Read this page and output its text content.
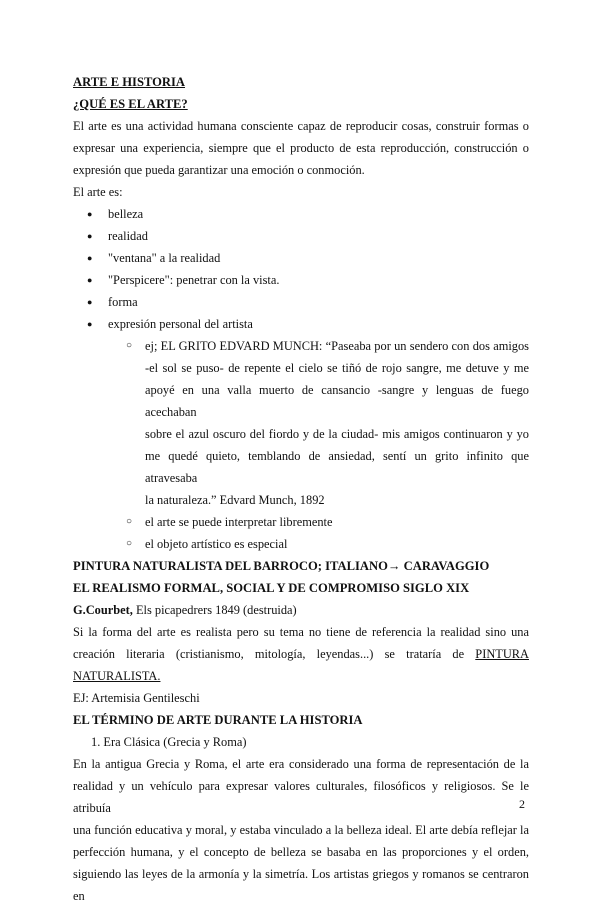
ARTE E HISTORIA
¿QUÉ ES EL ARTE?
El arte es una actividad humana consciente capaz de reproducir cosas, construir formas o
expresar una experiencia, siempre que el producto de esta reproducción, construcción o
expresión que pueda garantizar una emoción o conmoción.
El arte es:
● belleza
● realidad
● "ventana" a la realidad
● "Perspicere": penetrar con la vista.
● forma
● expresión personal del artista
○ ej; EL GRITO EDVARD MUNCH: “Paseaba por un sendero con dos amigos
-el sol se puso- de repente el cielo se tiñó de rojo sangre, me detuve y me
apoyé en una valla muerto de cansancio -sangre y lenguas de fuego acechaban
sobre el azul oscuro del fiordo y de la ciudad- mis amigos continuaron y yo
me quedé quieto, temblando de ansiedad, sentí un grito infinito que atravesaba
la naturaleza.” Edvard Munch, 1892
○ el arte se puede interpretar libremente
○ el objeto artístico es especial
PINTURA NATURALISTA DEL BARROCO; ITALIANO→ CARAVAGGIO
EL REALISMO FORMAL, SOCIAL Y DE COMPROMISO SIGLO XIX
G.Courbet, Els picapedrers 1849 (destruida)
Si la forma del arte es realista pero su tema no tiene de referencia la realidad sino una
creación literaria (cristianismo, mitología, leyendas...) se trataría de PINTURA
NATURALISTA.
EJ: Artemisia Gentileschi
EL TÉRMINO DE ARTE DURANTE LA HISTORIA
1. Era Clásica (Grecia y Roma)
En la antigua Grecia y Roma, el arte era considerado una forma de representación de la
realidad y un vehículo para expresar valores culturales, filosóficos y religiosos. Se le atribuía
una función educativa y moral, y estaba vinculado a la belleza ideal. El arte debía reflejar la
perfección humana, y el concepto de belleza se basaba en las proporciones y el orden,
siguiendo las leyes de la armonía y la simetría. Los artistas griegos y romanos se centraron en
2
